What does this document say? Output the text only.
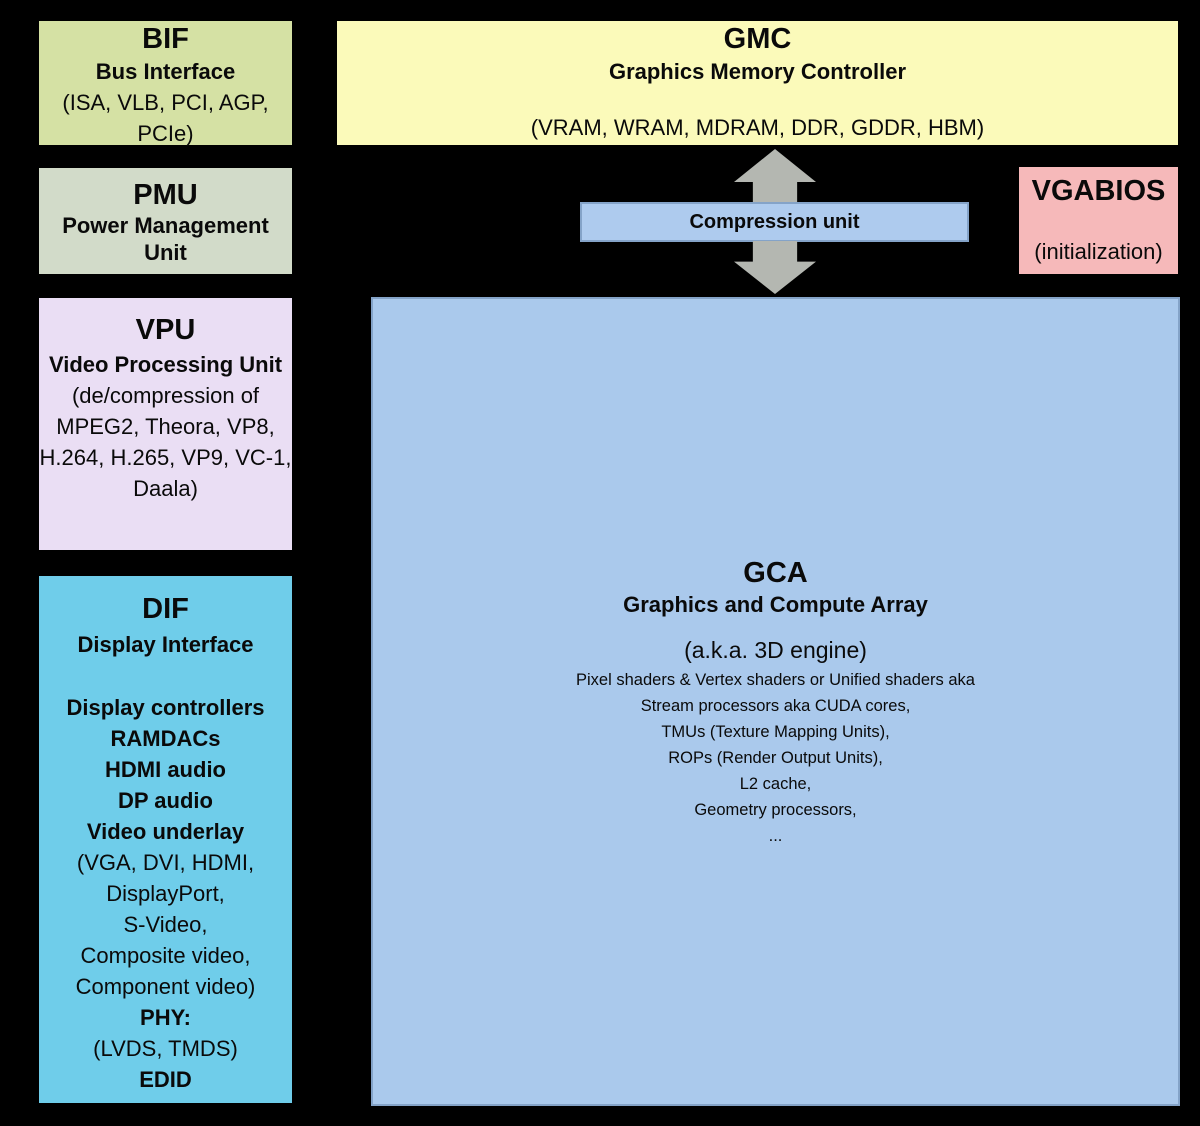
BIF
Bus Interface
(ISA, VLB, PCI, AGP, PCIe)
GMC
Graphics Memory Controller
(VRAM, WRAM, MDRAM, DDR, GDDR, HBM)
PMU
Power Management
Unit
VGABIOS
(initialization)
Compression unit
VPU
Video Processing Unit
(de/compression of
MPEG2, Theora, VP8,
H.264, H.265, VP9, VC-1,
Daala)
DIF
Display Interface
Display controllers
RAMDACs
HDMI audio
DP audio
Video underlay
(VGA, DVI, HDMI,
DisplayPort,
S-Video,
Composite video,
Component video)
PHY:
(LVDS, TMDS)
EDID
GCA
Graphics and Compute Array
(a.k.a. 3D engine)
Pixel shaders & Vertex shaders or Unified shaders aka
Stream processors aka CUDA cores,
TMUs (Texture Mapping Units),
ROPs (Render Output Units),
L2 cache,
Geometry processors,
...
